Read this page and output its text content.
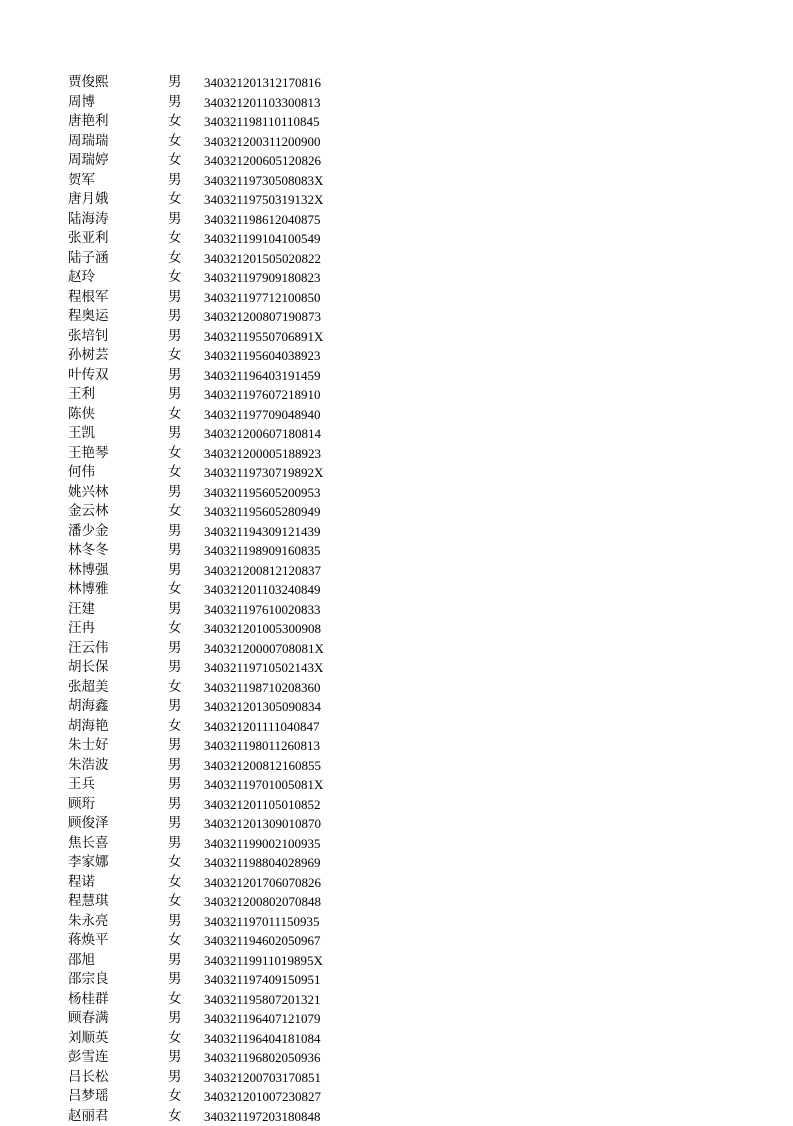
贾俊熙	男 340321201312170816
周博	男 340321201103300813
唐艳利	女 340321198110110845
周瑞瑞	女 340321200311200900
周瑞婷	女 340321200605120826
贺军	男 34032119730508083X
唐月娥	女 34032119750319132X
陆海涛	男 340321198612040875
张亚利	女 340321199104100549
陆子涵	女 340321201505020822
赵玲	女 340321197909180823
程根军	男 340321197712100850
程奥运	男 340321200807190873
张培钊	男 34032119550706891X
孙树芸	女 340321195604038923
叶传双	男 340321196403191459
王利	男 340321197607218910
陈侠	女 340321197709048940
王凯	男 340321200607180814
王艳琴	女 340321200005188923
何伟	女 34032119730719892X
姚兴林	男 340321195605200953
金云林	女 340321195605280949
潘少金	男 340321194309121439
林冬冬	男 340321198909160835
林博强	男 340321200812120837
林博雅	女 340321201103240849
汪建	男 340321197610020833
汪冉	女 340321201005300908
汪云伟	男 34032120000708081X
胡长保	男 34032119710502143X
张超美	女 340321198710208360
胡海鑫	男 340321201305090834
胡海艳	女 340321201111040847
朱士好	男 340321198011260813
朱浩波	男 340321200812160855
王兵	男 34032119701005081X
顾珩	男 340321201105010852
顾俊泽	男 340321201309010870
焦长喜	男 340321199002100935
李家娜	女 340321198804028969
程诺	女 340321201706070826
程慧琪	女 340321200802070848
朱永亮	男 340321197011150935
蒋焕平	女 340321194602050967
邵旭	男 34032119911019895X
邵宗良	男 340321197409150951
杨桂群	女 340321195807201321
顾春满	男 340321196407121079
刘顺英	女 340321196404181084
彭雪连	男 340321196802050936
吕长松	男 340321200703170851
吕梦瑶	女 340321201007230827
赵丽君	女 340321197203180848
